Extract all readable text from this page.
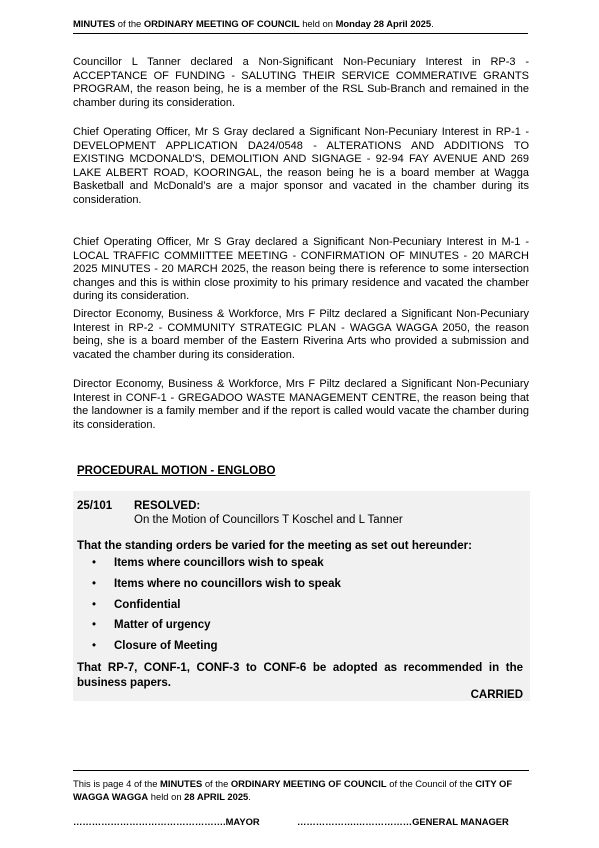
MINUTES of the ORDINARY MEETING OF COUNCIL held on Monday 28 April 2025.

Councillor L Tanner declared a Non-Significant Non-Pecuniary Interest in RP-3 - ACCEPTANCE OF FUNDING - SALUTING THEIR SERVICE COMMERATIVE GRANTS PROGRAM, the reason being, he is a member of the RSL Sub-Branch and remained in the chamber during its consideration.

Chief Operating Officer, Mr S Gray declared a Significant Non-Pecuniary Interest in RP-1 - DEVELOPMENT APPLICATION DA24/0548 - ALTERATIONS AND ADDITIONS TO EXISTING MCDONALD'S, DEMOLITION AND SIGNAGE - 92-94 FAY AVENUE AND 269 LAKE ALBERT ROAD, KOORINGAL, the reason being he is a board member at Wagga Basketball and McDonald’s are a major sponsor and vacated in the chamber during its consideration.

Chief Operating Officer, Mr S Gray declared a Significant Non-Pecuniary Interest in M-1 - LOCAL TRAFFIC COMMIITTEE MEETING - CONFIRMATION OF MINUTES - 20 MARCH 2025 MINUTES - 20 MARCH 2025, the reason being there is reference to some intersection changes and this is within close proximity to his primary residence and vacated the chamber during its consideration.

Director Economy, Business & Workforce, Mrs F Piltz declared a Significant Non-Pecuniary Interest in RP-2 - COMMUNITY STRATEGIC PLAN - WAGGA WAGGA 2050, the reason being, she is a board member of the Eastern Riverina Arts who provided a submission and vacated the chamber during its consideration.

Director Economy, Business & Workforce, Mrs F Piltz declared a Significant Non-Pecuniary Interest in CONF-1 - GREGADOO WASTE MANAGEMENT CENTRE, the reason being that the landowner is a family member and if the report is called would vacate the chamber during its consideration.

PROCEDURAL MOTION - ENGLOBO
25/101 RESOLVED:
On the Motion of Councillors T Koschel and L Tanner
That the standing orders be varied for the meeting as set out hereunder:
• Items where councillors wish to speak
• Items where no councillors wish to speak
• Confidential
• Matter of urgency
• Closure of Meeting

That RP-7, CONF-1, CONF-3 to CONF-6 be adopted as recommended in the business papers.

CARRIED

This is page 4 of the MINUTES of the ORDINARY MEETING OF COUNCIL of the Council of the CITY OF WAGGA WAGGA held on 28 APRIL 2025.

………………………………………….MAYOR	……………….………………GENERAL MANAGER
